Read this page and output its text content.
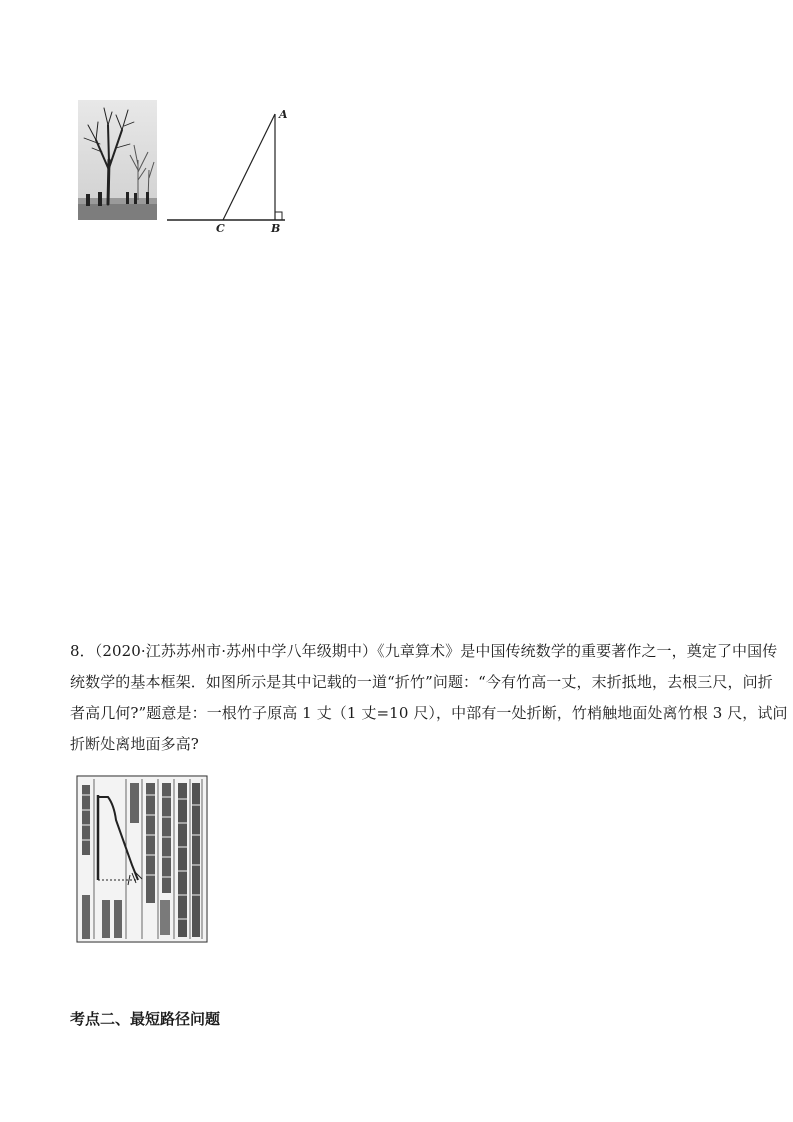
A
C	B
8．（2020·江苏苏州市·苏州中学八年级期中）《九章算术》是中国传统数学的重要著作之一，奠定了中国传
统数学的基本框架．如图所示是其中记载的一道“折竹”问题：“今有竹高一丈，末折抵地，去根三尺，问折
者高几何?”题意是：一根竹子原高 1 丈（1 丈=10 尺），中部有一处折断，竹梢触地面处离竹根 3 尺，试问
折断处离地面多高?
考点二、最短路径问题
